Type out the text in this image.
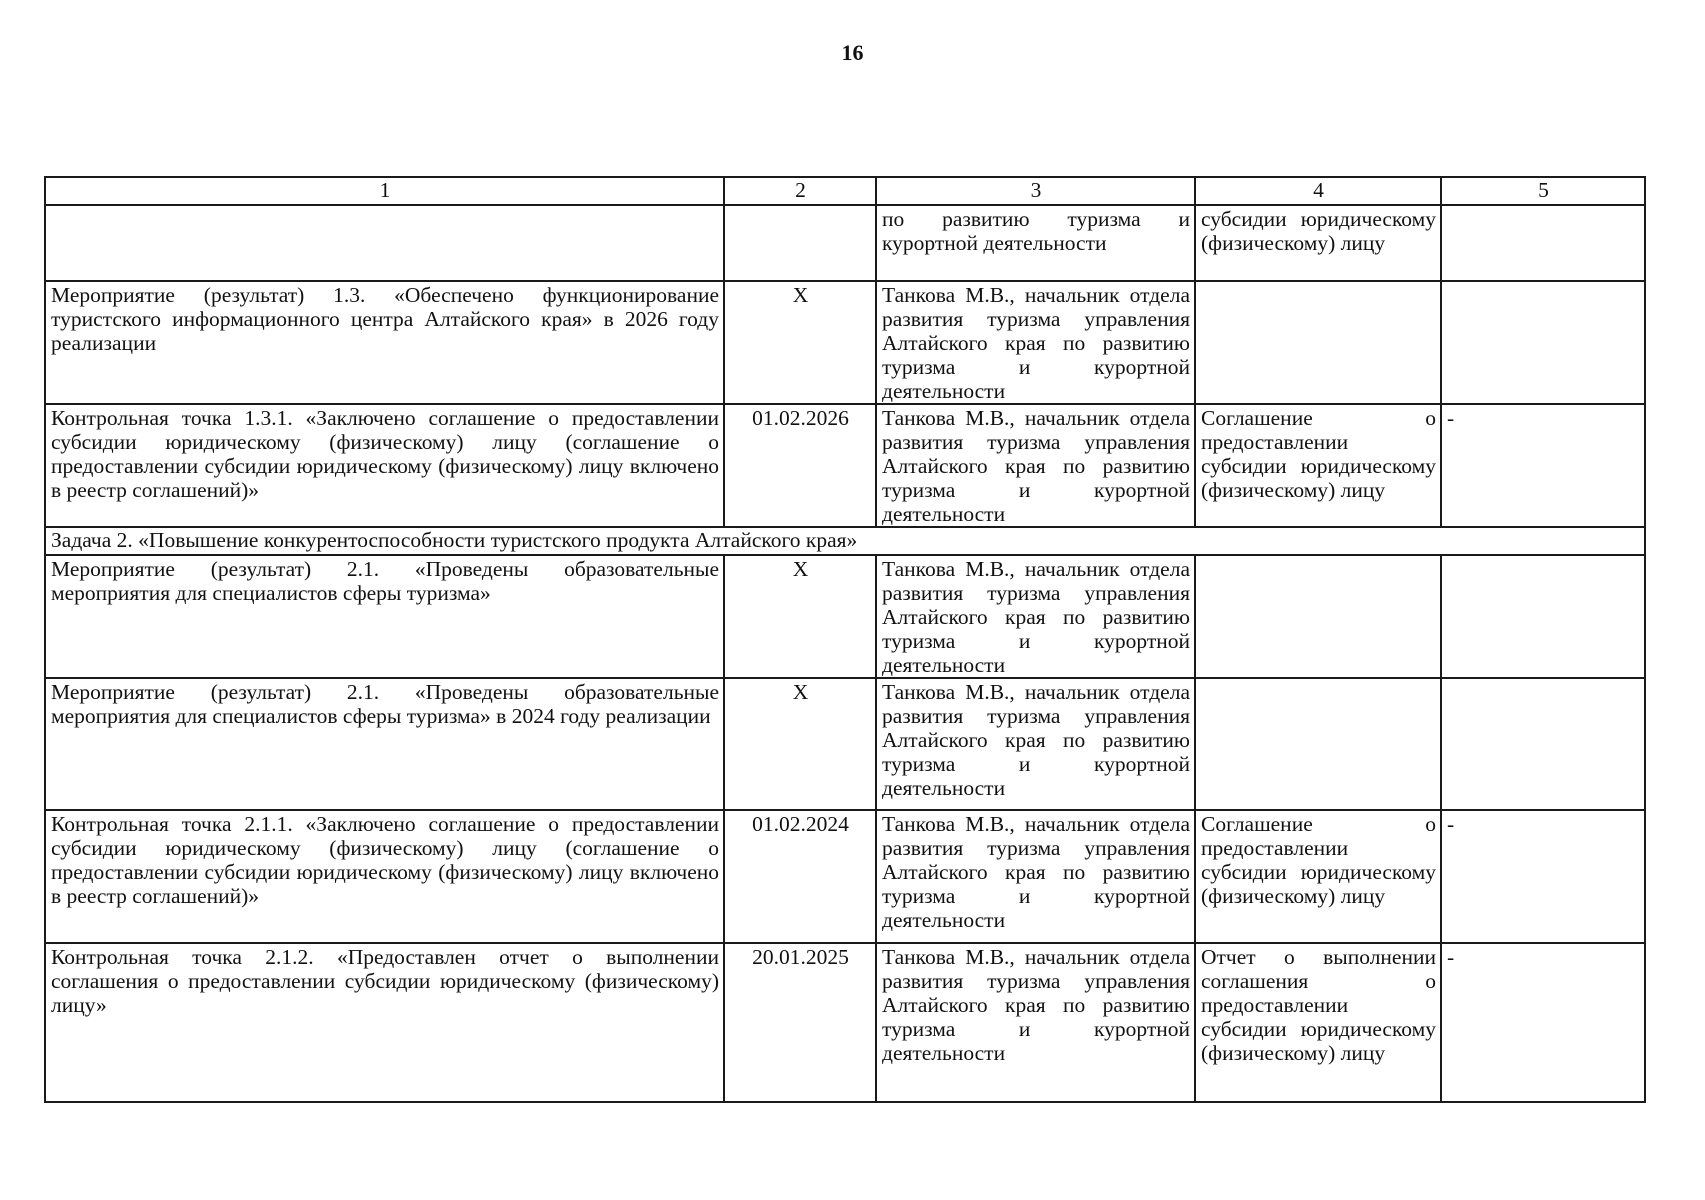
16
1	2	3	4	5
		по развитию туризма и курортной деятельности	субсидии юридическому (физическому) лицу	
Мероприятие (результат) 1.3. «Обеспечено функционирование туристского информационного центра Алтайского края» в 2026 году реализации	X	Танкова М.В., начальник отдела развития туризма управления Алтайского края по развитию туризма и курортной деятельности		
Контрольная точка 1.3.1. «Заключено соглашение о предоставлении субсидии юридическому (физическому) лицу (соглашение о предоставлении субсидии юридическому (физическому) лицу включено в реестр соглашений)»	01.02.2026	Танкова М.В., начальник отдела развития туризма управления Алтайского края по развитию туризма и курортной деятельности	Соглашение о предоставлении субсидии юридическому (физическому) лицу	-
Задача 2. «Повышение конкурентоспособности туристского продукта Алтайского края»				
Мероприятие (результат) 2.1. «Проведены образовательные мероприятия для специалистов сферы туризма»	X	Танкова М.В., начальник отдела развития туризма управления Алтайского края по развитию туризма и курортной деятельности		
Мероприятие (результат) 2.1. «Проведены образовательные мероприятия для специалистов сферы туризма» в 2024 году реализации	X	Танкова М.В., начальник отдела развития туризма управления Алтайского края по развитию туризма и курортной деятельности		
Контрольная точка 2.1.1. «Заключено соглашение о предоставлении субсидии юридическому (физическому) лицу (соглашение о предоставлении субсидии юридическому (физическому) лицу включено в реестр соглашений)»	01.02.2024	Танкова М.В., начальник отдела развития туризма управления Алтайского края по развитию туризма и курортной деятельности	Соглашение о предоставлении субсидии юридическому (физическому) лицу	-
Контрольная точка 2.1.2. «Предоставлен отчет о выполнении соглашения о предоставлении субсидии юридическому (физическому) лицу»	20.01.2025	Танкова М.В., начальник отдела развития туризма управления Алтайского края по развитию туризма и курортной деятельности	Отчет о выполнении соглашения о предоставлении субсидии юридическому (физическому) лицу	-
